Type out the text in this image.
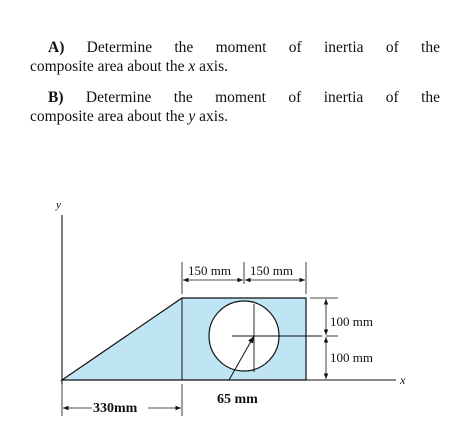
A) Determine the moment of inertia of the
composite area about the x axis.
B) Determine the moment of inertia of the
composite area about the y axis.
y
x
65 mm
150 mm 150 mm
100 mm
100 mm
330mm
